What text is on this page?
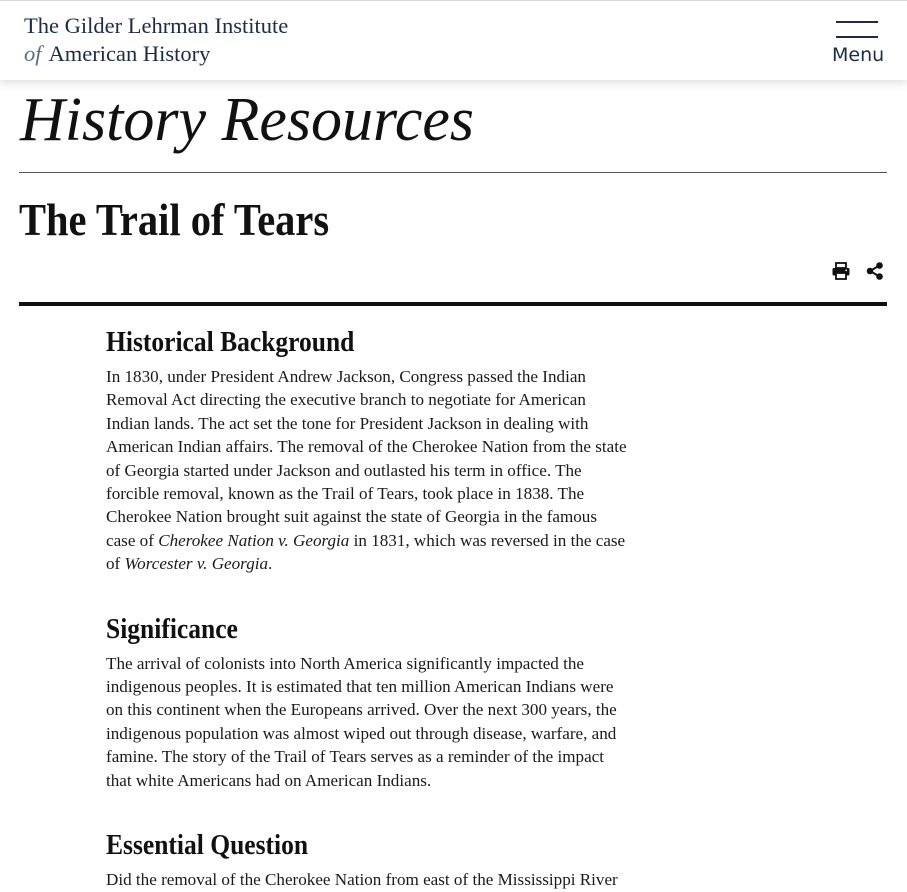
The Gilder Lehrman Institute
of American History	Menu
History Resources
The Trail of Tears
Historical Background

In 1830, under President Andrew Jackson, Congress passed the Indian Removal Act directing the executive branch to negotiate for American Indian lands. The act set the tone for President Jackson in dealing with American Indian affairs. The removal of the Cherokee Nation from the state of Georgia started under Jackson and outlasted his term in office. The forcible removal, known as the Trail of Tears, took place in 1838. The Cherokee Nation brought suit against the state of Georgia in the famous case of Cherokee Nation v. Georgia in 1831, which was reversed in the case of Worcester v. Georgia.

Significance

The arrival of colonists into North America significantly impacted the indigenous peoples. It is estimated that ten million American Indians were on this continent when the Europeans arrived. Over the next 300 years, the indigenous population was almost wiped out through disease, warfare, and famine. The story of the Trail of Tears serves as a reminder of the impact that white Americans had on American Indians.

Essential Question

Did the removal of the Cherokee Nation from east of the Mississippi River
